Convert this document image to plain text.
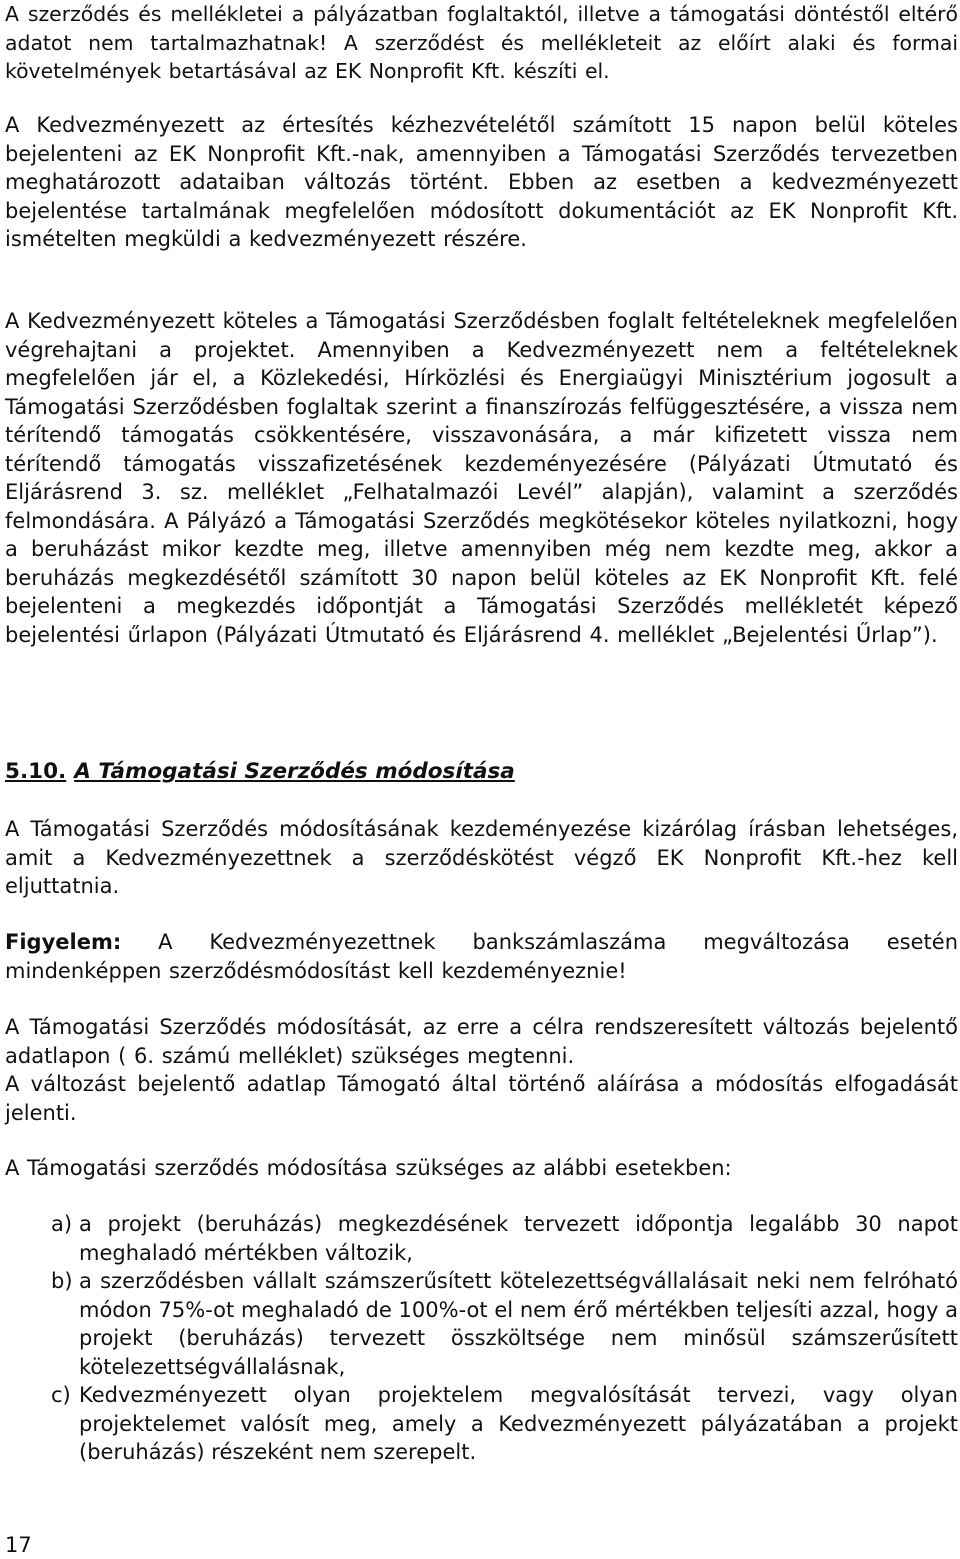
A szerződés és mellékletei a pályázatban foglaltaktól, illetve a támogatási döntéstől eltérő adatot nem tartalmazhatnak! A szerződést és mellékleteit az előírt alaki és formai követelmények betartásával az EK Nonprofit Kft. készíti el.

A Kedvezményezett az értesítés kézhezvételétől számított 15 napon belül köteles bejelenteni az EK Nonprofit Kft.-nak, amennyiben a Támogatási Szerződés tervezetben meghatározott adataiban változás történt. Ebben az esetben a kedvezményezett bejelentése tartalmának megfelelően módosított dokumentációt az EK Nonprofit Kft. ismételten megküldi a kedvezményezett részére.

A Kedvezményezett köteles a Támogatási Szerződésben foglalt feltételeknek megfelelően végrehajtani a projektet. Amennyiben a Kedvezményezett nem a feltételeknek megfelelően jár el, a Közlekedési, Hírközlési és Energiaügyi Minisztérium jogosult a Támogatási Szerződésben foglaltak szerint a finanszírozás felfüggesztésére, a vissza nem térítendő támogatás csökkentésére, visszavonására, a már kifizetett vissza nem térítendő támogatás visszafizetésének kezdeményezésére (Pályázati Útmutató és Eljárásrend 3. sz. melléklet „Felhatalmazói Levél” alapján), valamint a szerződés felmondására. A Pályázó a Támogatási Szerződés megkötésekor köteles nyilatkozni, hogy a beruházást mikor kezdte meg, illetve amennyiben még nem kezdte meg, akkor a beruházás megkezdésétől számított 30 napon belül köteles az EK Nonprofit Kft. felé bejelenteni a megkezdés időpontját a Támogatási Szerződés mellékletét képező bejelentési űrlapon (Pályázati Útmutató és Eljárásrend 4. melléklet „Bejelentési Űrlap”).

5.10. A Támogatási Szerződés módosítása

A Támogatási Szerződés módosításának kezdeményezése kizárólag írásban lehetséges, amit a Kedvezményezettnek a szerződéskötést végző EK Nonprofit Kft.-hez kell eljuttatnia.

Figyelem: A Kedvezményezettnek bankszámlaszáma megváltozása esetén mindenképpen szerződésmódosítást kell kezdeményeznie!

A Támogatási Szerződés módosítását, az erre a célra rendszeresített változás bejelentő adatlapon ( 6. számú melléklet) szükséges megtenni.

A változást bejelentő adatlap Támogató által történő aláírása a módosítás elfogadását jelenti.

A Támogatási szerződés módosítása szükséges az alábbi esetekben:

a) a projekt (beruházás) megkezdésének tervezett időpontja legalább 30 napot meghaladó mértékben változik,
b) a szerződésben vállalt számszerűsített kötelezettségvállalásait neki nem felróható módon 75%-ot meghaladó de 100%-ot el nem érő mértékben teljesíti azzal, hogy a projekt (beruházás) tervezett összköltsége nem minősül számszerűsített kötelezettségvállalásnak,
c) Kedvezményezett olyan projektelem megvalósítását tervezi, vagy olyan projektelemet valósít meg, amely a Kedvezményezett pályázatában a projekt (beruházás) részeként nem szerepelt.
17
